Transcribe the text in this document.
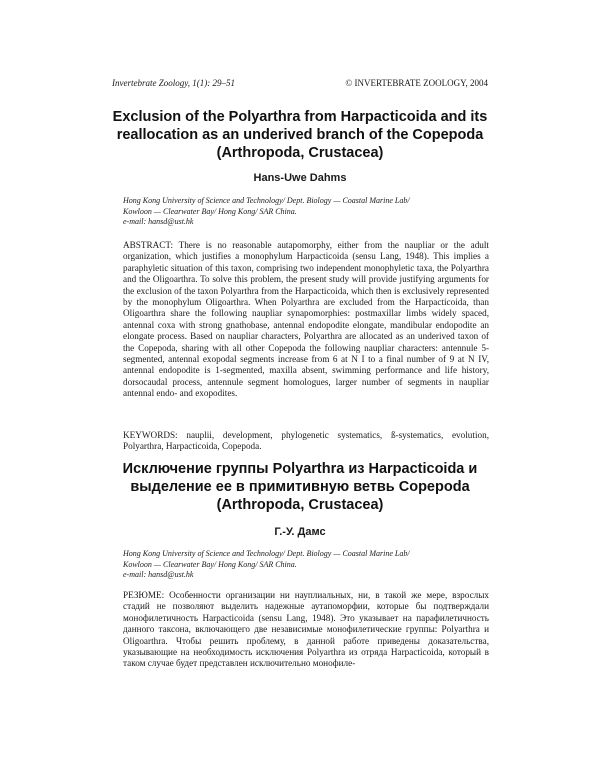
Invertebrate Zoology, 1(1): 29–51	© INVERTEBRATE ZOOLOGY, 2004
Exclusion of the Polyarthra from Harpacticoida and its reallocation as an underived branch of the Copepoda (Arthropoda, Crustacea)

Hans-Uwe Dahms

Hong Kong University of Science and Technology/ Dept. Biology — Coastal Marine Lab/
Kowloon — Clearwater Bay/ Hong Kong/ SAR China.
e-mail: hansd@ust.hk

ABSTRACT: There is no reasonable autapomorphy, either from the naupliar or the adult organization, which justifies a monophylum Harpacticoida (sensu Lang, 1948). This implies a paraphyletic situation of this taxon, comprising two independent monophyletic taxa, the Polyarthra and the Oligoarthra. To solve this problem, the present study will provide justifying arguments for the exclusion of the taxon Polyarthra from the Harpacticoida, which then is exclusively represented by the monophylum Oligoarthra. When Polyarthra are excluded from the Harpacticoida, than Oligoarthra share the following naupliar synapomorphies: postmaxillar limbs widely spaced, antennal coxa with strong gnathobase, antennal endopodite elongate, mandibular endopodite an elongate process. Based on naupliar characters, Polyarthra are allocated as an underived taxon of the Copepoda, sharing with all other Copepoda the following naupliar characters: antennule 5-segmented, antennal exopodal segments increase from 6 at N I to a final number of 9 at N IV, antennal endopodite is 1-segmented, maxilla absent, swimming performance and life history, dorsocaudal process, antennule segment homologues, larger number of segments in naupliar antennal endo- and exopodites.

KEYWORDS: nauplii, development, phylogenetic systematics, ß-systematics, evolution, Polyarthra, Harpacticoida, Copepoda.

Исключение группы Polyarthra из Harpacticoida и выделение ее в примитивную ветвь Copepoda (Arthropoda, Crustacea)

Г.-У. Дамс

Hong Kong University of Science and Technology/ Dept. Biology — Coastal Marine Lab/
Kowloon — Clearwater Bay/ Hong Kong/ SAR China.
e-mail: hansd@ust.hk

РЕЗЮМЕ: Особенности организации ни науплиальных, ни, в такой же мере, взрослых стадий не позволяют выделить надежные аутапоморфии, которые бы подтверждали монофилетичность Harpacticoida (sensu Lang, 1948). Это указывает на парафилетичность данного таксона, включающего две независимые монофилетические группы: Polyarthra и Oligoarthra. Чтобы решить проблему, в данной работе приведены доказательства, указывающие на необходимость исключения Polyarthra из отряда Harpacticoida, который в таком случае будет представлен исключительно монофиле-
